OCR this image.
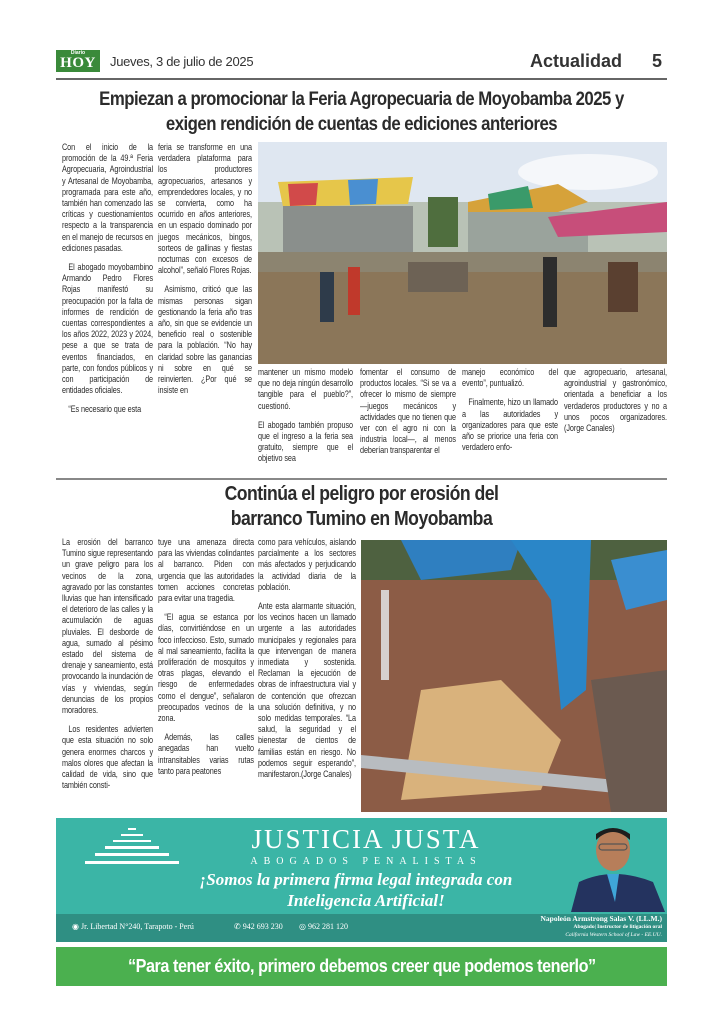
Diario
HOY	Jueves, 3 de julio de 2025	Actualidad 5
Empiezan a promocionar la Feria Agropecuaria de Moyobamba 2025 y
exigen rendición de cuentas de ediciones anteriores

Con el inicio de la promoción de la 49.ª Feria Agropecuaria, Agroindustrial y Artesanal de Moyobamba, programada para este año, también han comenzado las críticas y cuestionamientos respecto a la transparencia en el manejo de recursos en ediciones pasadas.

El abogado moyobambino Armando Pedro Flores Rojas manifestó su preocupación por la falta de informes de rendición de cuentas correspondientes a los años 2022, 2023 y 2024, pese a que se trata de eventos financiados, en parte, con fondos públicos y con participación de entidades oficiales.

“Es necesario que esta

feria se transforme en una verdadera plataforma para los productores agropecuarios, artesanos y emprendedores locales, y no se convierta, como ha ocurrido en años anteriores, en un espacio dominado por juegos mecánicos, bingos, sorteos de gallinas y fiestas nocturnas con excesos de alcohol”, señaló Flores Rojas.

Asimismo, criticó que las mismas personas sigan gestionando la feria año tras año, sin que se evidencie un beneficio real o sostenible para la población. “No hay claridad sobre las ganancias ni sobre en qué se reinvierten. ¿Por qué se insiste en

mantener un mismo modelo que no deja ningún desarrollo tangible para el pueblo?”, cuestionó.

El abogado también propuso que el ingreso a la feria sea gratuito, siempre que el objetivo sea

fomentar el consumo de productos locales. “Si se va a ofrecer lo mismo de siempre —juegos mecánicos y actividades que no tienen que ver con el agro ni con la industria local—, al menos deberían transparentar el

manejo económico del evento”, puntualizó.

Finalmente, hizo un llamado a las autoridades y organizadores para que este año se priorice una feria con verdadero enfo-

que agropecuario, artesanal, agroindustrial y gastronómico, orientada a beneficiar a los verdaderos productores y no a unos pocos organizadores.(Jorge Canales)

Continúa el peligro por erosión del
barranco Tumino en Moyobamba

La erosión del barranco Tumino sigue representando un grave peligro para los vecinos de la zona, agravado por las constantes lluvias que han intensificado el deterioro de las calles y la acumulación de aguas pluviales. El desborde de agua, sumado al pésimo estado del sistema de drenaje y saneamiento, está provocando la inundación de vías y viviendas, según denuncias de los propios moradores.

Los residentes advierten que esta situación no solo genera enormes charcos y malos olores que afectan la calidad de vida, sino que también consti-

tuye una amenaza directa para las viviendas colindantes al barranco. Piden con urgencia que las autoridades tomen acciones concretas para evitar una tragedia.

“El agua se estanca por días, convirtiéndose en un foco infeccioso. Esto, sumado al mal saneamiento, facilita la proliferación de mosquitos y otras plagas, elevando el riesgo de enfermedades como el dengue”, señalaron preocupados vecinos de la zona.

Además, las calles anegadas han vuelto intransitables varias rutas tanto para peatones

como para vehículos, aislando parcialmente a los sectores más afectados y perjudicando la actividad diaria de la población.

Ante esta alarmante situación, los vecinos hacen un llamado urgente a las autoridades municipales y regionales para que intervengan de manera inmediata y sostenida. Reclaman la ejecución de obras de infraestructura vial y de contención que ofrezcan una solución definitiva, y no solo medidas temporales. “La salud, la seguridad y el bienestar de cientos de familias están en riesgo. No podemos seguir esperando”, manifestaron.(Jorge Canales)

JUSTICIA JUSTA
ABOGADOS PENALISTAS
¡Somos la primera firma legal integrada con
Inteligencia Artificial!
◉ Jr. Libertad N°240, Tarapoto - Perú	✆ 942 693 230 ◎ 962 281 120
Napoleón Armstrong Salas V. (LL.M.)
Abogado| Instructor de litigación oral
California Western School of Law - EE.UU.
“Para tener éxito, primero debemos creer que podemos tenerlo”
